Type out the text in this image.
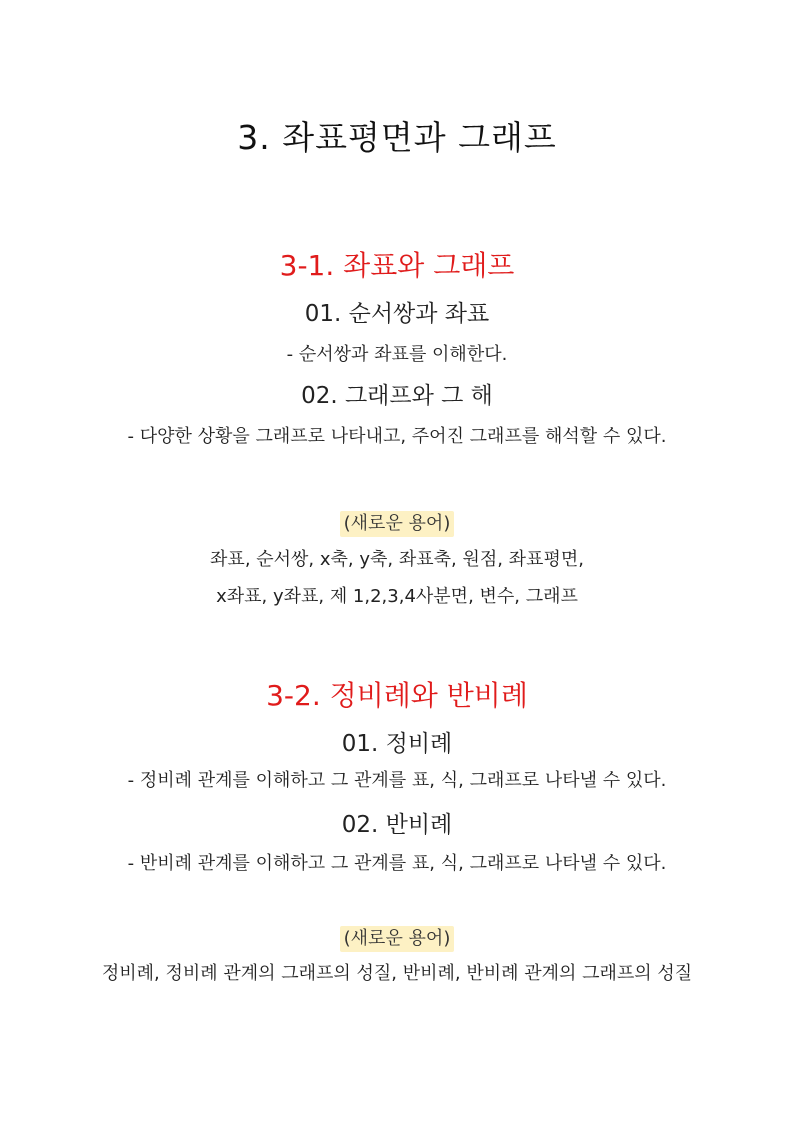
3. 좌표평면과 그래프
3-1. 좌표와 그래프
01. 순서쌍과 좌표
- 순서쌍과 좌표를 이해한다.
02. 그래프와 그 해
- 다양한 상황을 그래프로 나타내고, 주어진 그래프를 해석할 수 있다.
(새로운 용어)
좌표, 순서쌍, x축, y축, 좌표축, 원점, 좌표평면,
x좌표, y좌표, 제 1,2,3,4사분면, 변수, 그래프
3-2. 정비례와 반비례
01. 정비례
- 정비례 관계를 이해하고 그 관계를 표, 식, 그래프로 나타낼 수 있다.
02. 반비례
- 반비례 관계를 이해하고 그 관계를 표, 식, 그래프로 나타낼 수 있다.
(새로운 용어)
정비례, 정비례 관계의 그래프의 성질, 반비례, 반비례 관계의 그래프의 성질
